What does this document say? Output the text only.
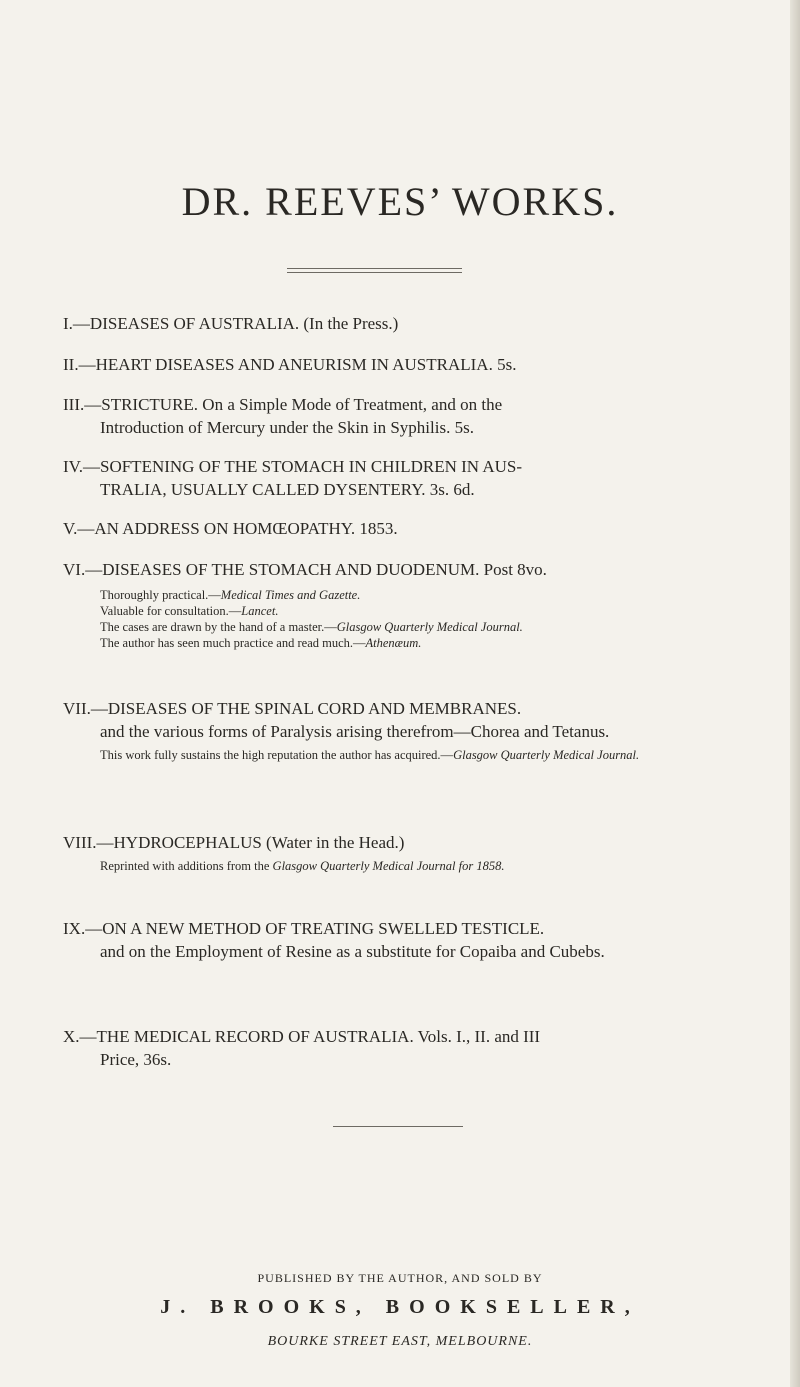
DR. REEVES’ WORKS.

I.—DISEASES OF AUSTRALIA. (In the Press.)

II.—HEART DISEASES AND ANEURISM IN AUSTRALIA. 5s.

III.—STRICTURE. On a Simple Mode of Treatment, and on the

Introduction of Mercury under the Skin in Syphilis. 5s.

IV.—SOFTENING OF THE STOMACH IN CHILDREN IN AUS-

TRALIA, USUALLY CALLED DYSENTERY. 3s. 6d.

V.—AN ADDRESS ON HOMŒOPATHY. 1853.

VI.—DISEASES OF THE STOMACH AND DUODENUM. Post 8vo.

Thoroughly practical.—Medical Times and Gazette.

Valuable for consultation.—Lancet.

The cases are drawn by the hand of a master.—Glasgow Quarterly Medical Journal.

The author has seen much practice and read much.—Athenæum.

VII.—DISEASES OF THE SPINAL CORD AND MEMBRANES.

and the various forms of Paralysis arising therefrom—Chorea and Tetanus.

This work fully sustains the high reputation the author has acquired.—Glasgow Quarterly Medical Journal.

VIII.—HYDROCEPHALUS (Water in the Head.)

Reprinted with additions from the Glasgow Quarterly Medical Journal for 1858.

IX.—ON A NEW METHOD OF TREATING SWELLED TESTICLE.

and on the Employment of Resine as a substitute for Copaiba and Cubebs.

X.—THE MEDICAL RECORD OF AUSTRALIA. Vols. I., II. and III

Price, 36s.

PUBLISHED BY THE AUTHOR, AND SOLD BY
J. BROOKS, BOOKSELLER,
BOURKE STREET EAST, MELBOURNE.
